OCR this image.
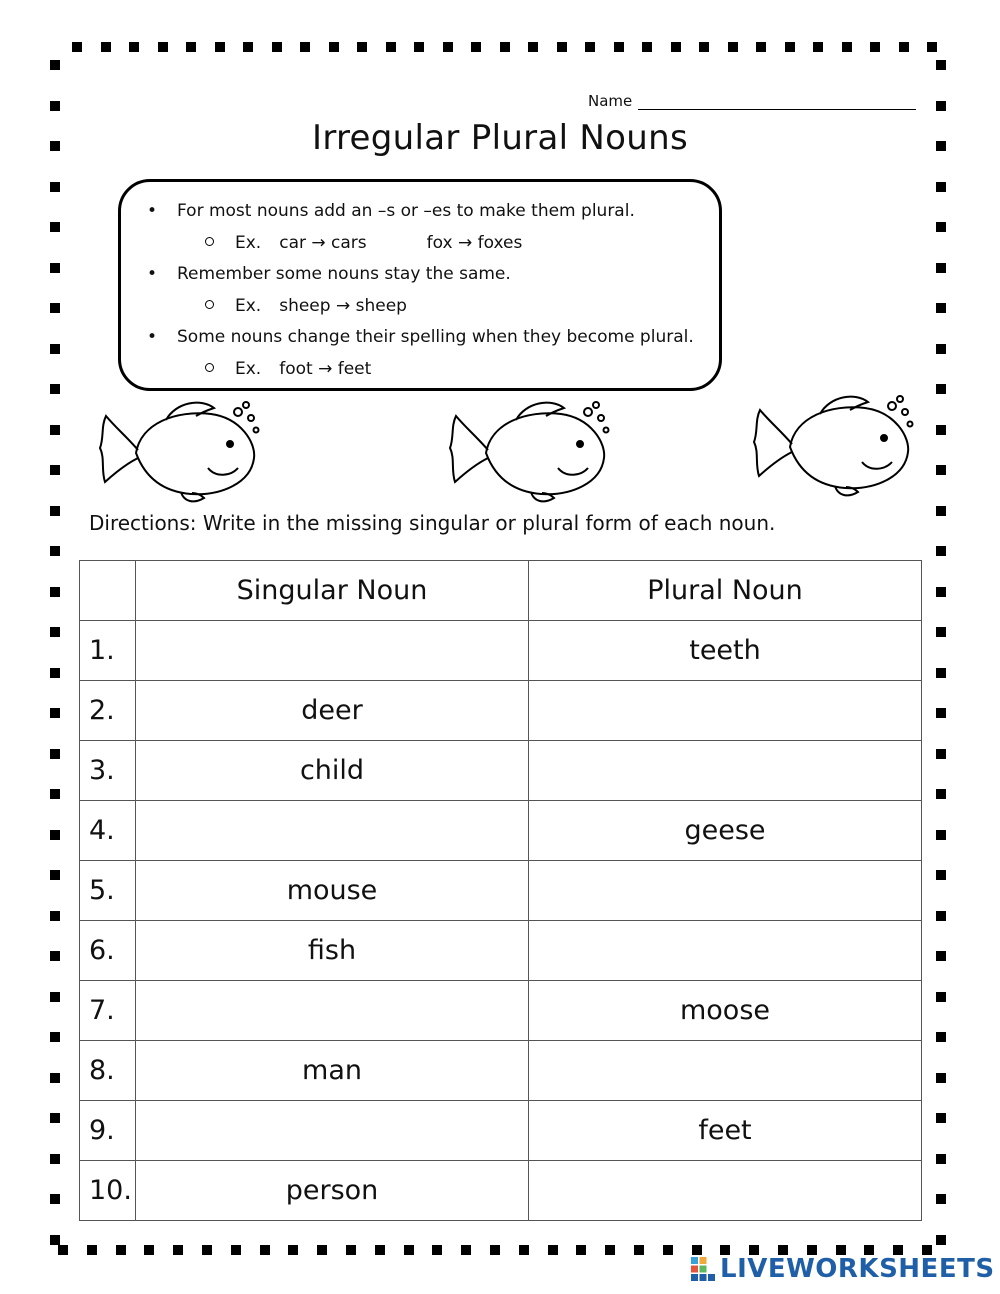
Name
Irregular Plural Nouns
• For most nouns add an –s or –es to make them plural.
Ex. car → cars	fox → foxes
• Remember some nouns stay the same.
Ex. sheep → sheep
• Some nouns change their spelling when they become plural.
Ex. foot → feet
Directions: Write in the missing singular or plural form of each noun.
	Singular Noun	Plural Noun
1.		teeth
2.	deer	
3.	child	
4.		geese
5.	mouse	
6.	fish	
7.		moose
8.	man	
9.		feet
10.	person	
LIVEWORKSHEETS
